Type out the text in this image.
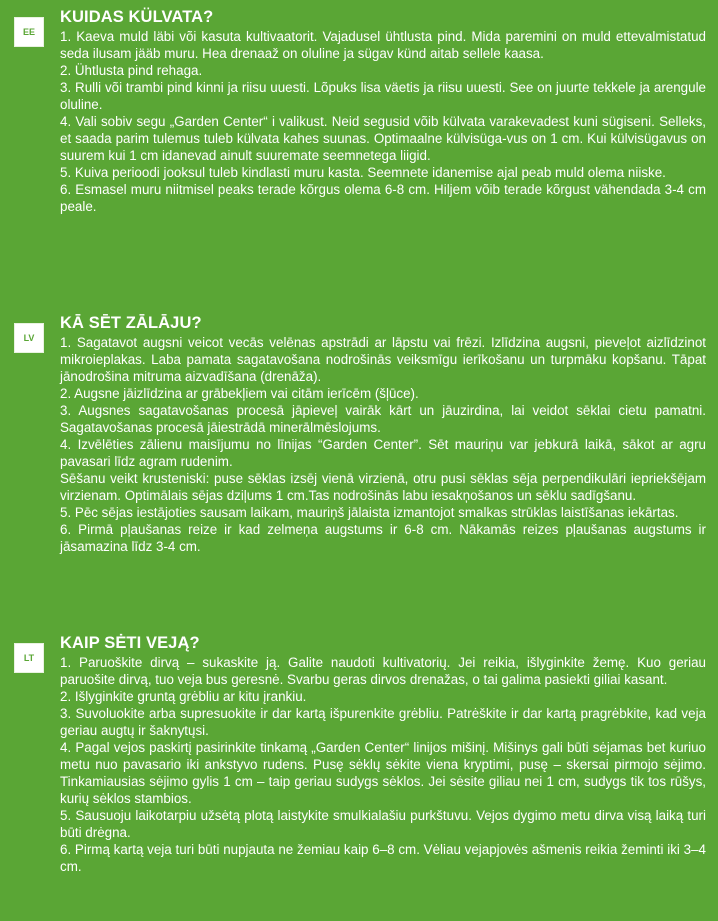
EE
KUIDAS KÜLVATA?

1. Kaeva muld läbi või kasuta kultivaatorit. Vajadusel ühtlusta pind. Mida paremini on muld ettevalmistatud seda ilusam jääb muru. Hea drenaaž on oluline ja sügav künd aitab sellele kaasa.

2. Ühtlusta pind rehaga.

3. Rulli või trambi pind kinni ja riisu uuesti. Lõpuks lisa väetis ja riisu uuesti. See on juurte tekkele ja arengule oluline.

4. Vali sobiv segu „Garden Center“ i valikust. Neid segusid võib külvata varakevadest kuni sügiseni. Selleks, et saada parim tulemus tuleb külvata kahes suunas. Optimaalne külvisüga-vus on 1 cm. Kui külvisügavus on suurem kui 1 cm idanevad ainult suuremate seemnetega liigid.

5. Kuiva perioodi jooksul tuleb kindlasti muru kasta. Seemnete idanemise ajal peab muld olema niiske.

6. Esmasel muru niitmisel peaks terade kõrgus olema 6-8 cm. Hiljem võib terade kõrgust vähendada 3-4 cm peale.

LV
KĀ SĒT ZĀLĀJU?

1. Sagatavot augsni veicot vecās velēnas apstrādi ar lāpstu vai frēzi. Izlīdzina augsni, pieveļot aizlīdzinot mikroieplakas. Laba pamata sagatavošana nodrošinās veiksmīgu ierīkošanu un turpmāku kopšanu. Tāpat jānodrošina mitruma aizvadīšana (drenāža).

2. Augsne jāizlīdzina ar grābekļiem vai citām ierīcēm (šļūce).

3. Augsnes sagatavošanas procesā jāpieveļ vairāk kārt un jāuzirdina, lai veidot sēklai cietu pamatni. Sagatavošanas procesā jāiestrādā minerālmēslojums.

4. Izvēlēties zālienu maisījumu no līnijas “Garden Center”. Sēt mauriņu var jebkurā laikā, sākot ar agru pavasari līdz agram rudenim.

Sēšanu veikt krusteniski: puse sēklas izsēj vienā virzienā, otru pusi sēklas sēja perpendikulāri iepriekšējam virzienam. Optimālais sējas dziļums 1 cm.Tas nodrošinās labu iesakņošanos un sēklu sadīgšanu.

5. Pēc sējas iestājoties sausam laikam, mauriņš jālaista izmantojot smalkas strūklas laistīšanas iekārtas.

6. Pirmā pļaušanas reize ir kad zelmeņa augstums ir 6-8 cm. Nākamās reizes pļaušanas augstums ir jāsamazina līdz 3-4 cm.

LT
KAIP SĖTI VEJĄ?

1. Paruoškite dirvą – sukaskite ją. Galite naudoti kultivatorių. Jei reikia, išlyginkite žemę. Kuo geriau paruošite dirvą, tuo veja bus geresnė. Svarbu geras dirvos drenažas, o tai galima pasiekti giliai kasant.

2. Išlyginkite gruntą grėbliu ar kitu įrankiu.

3. Suvoluokite arba supresuokite ir dar kartą išpurenkite grėbliu. Patrėškite ir dar kartą pragrėbkite, kad veja geriau augtų ir šaknytųsi.

4. Pagal vejos paskirtį pasirinkite tinkamą „Garden Center“ linijos mišinį. Mišinys gali būti sėjamas bet kuriuo metu nuo pavasario iki ankstyvo rudens. Pusę sėklų sėkite viena kryptimi, pusę – skersai pirmojo sėjimo. Tinkamiausias sėjimo gylis 1 cm – taip geriau sudygs sėklos. Jei sėsite giliau nei 1 cm, sudygs tik tos rūšys, kurių sėklos stambios.

5. Sausuoju laikotarpiu užsėtą plotą laistykite smulkialašiu purkštuvu. Vejos dygimo metu dirva visą laiką turi būti drėgna.

6. Pirmą kartą veja turi būti nupjauta ne žemiau kaip 6–8 cm. Vėliau vejapjovės ašmenis reikia žeminti iki 3–4 cm.
